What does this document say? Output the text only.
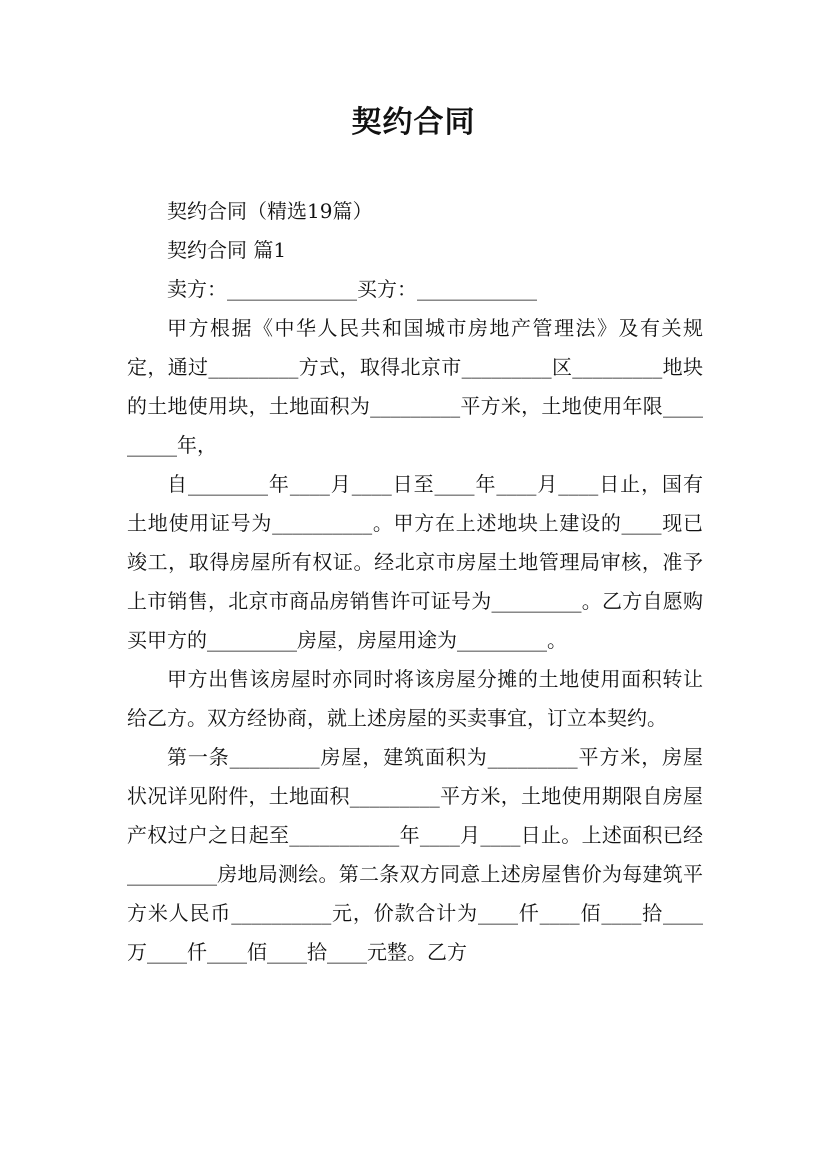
契约合同

契约合同（精选19篇）

契约合同 篇1

卖方：_____________买方：____________

甲方根据《中华人民共和国城市房地产管理法》及有关规定，通过_________方式，取得北京市_________区_________地块的土地使用块，土地面积为_________平方米，土地使用年限_________年，

自________年____月____日至____年____月____日止，国有土地使用证号为__________。甲方在上述地块上建设的____现已竣工，取得房屋所有权证。经北京市房屋土地管理局审核，准予上市销售，北京市商品房销售许可证号为_________。乙方自愿购买甲方的_________房屋，房屋用途为_________。

甲方出售该房屋时亦同时将该房屋分摊的土地使用面积转让给乙方。双方经协商，就上述房屋的买卖事宜，订立本契约。

第一条_________房屋，建筑面积为_________平方米，房屋状况详见附件，土地面积_________平方米，土地使用期限自房屋产权过户之日起至___________年____月____日止。上述面积已经_________房地局测绘。第二条双方同意上述房屋售价为每建筑平方米人民币__________元，价款合计为____仟____佰____拾____万____仟____佰____拾____元整。乙方
